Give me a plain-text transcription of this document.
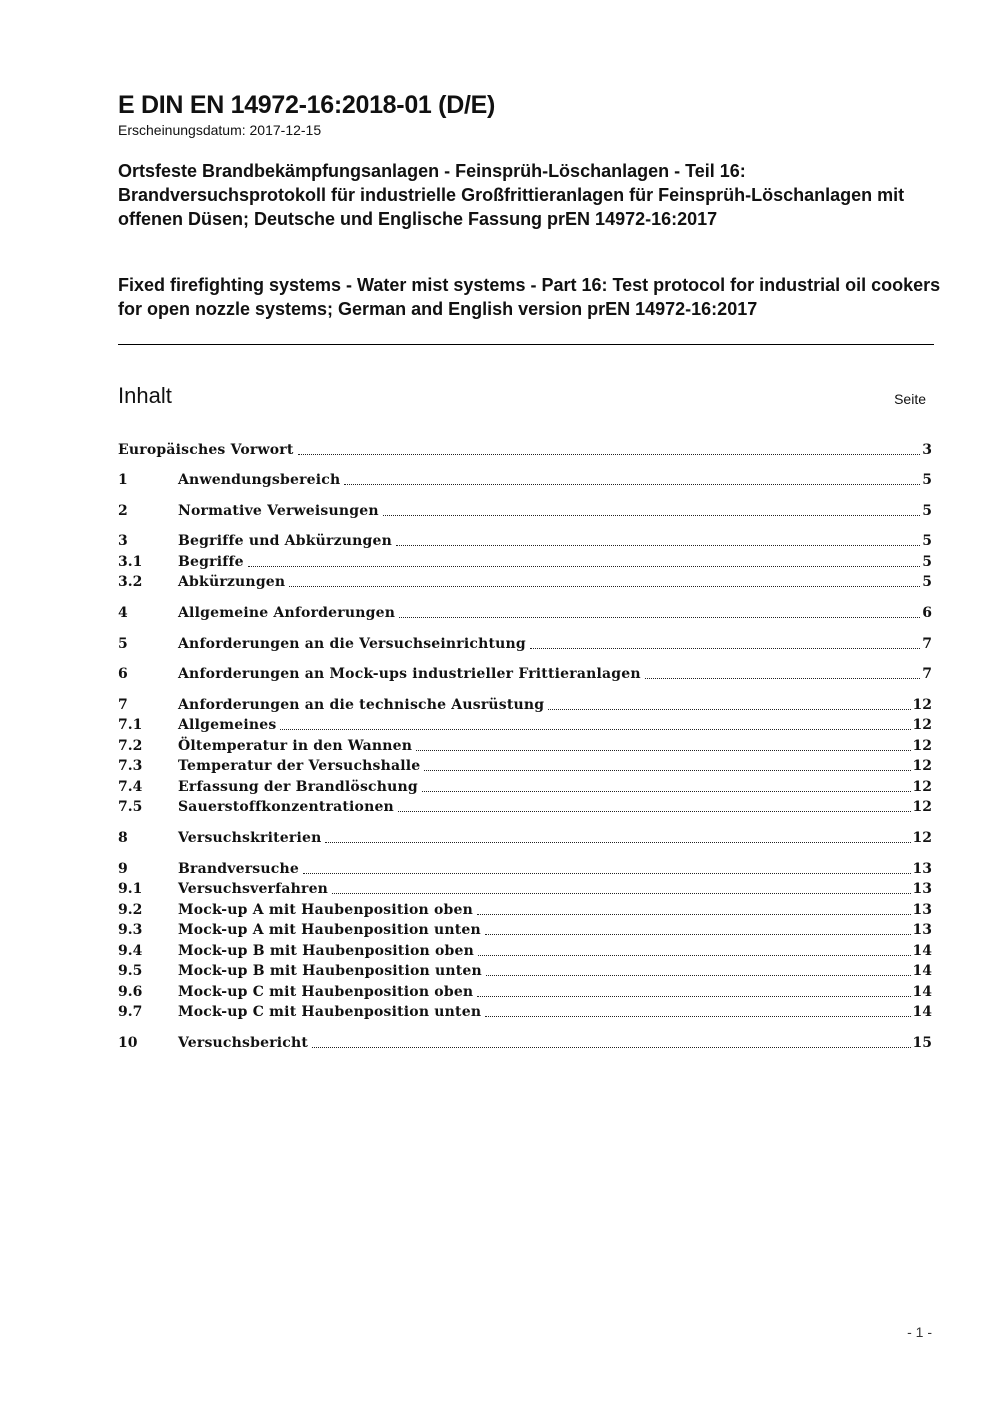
E DIN EN 14972-16:2018-01 (D/E)
Erscheinungsdatum: 2017-12-15

Ortsfeste Brandbekämpfungsanlagen - Feinsprüh-Löschanlagen - Teil 16: Brandversuchsprotokoll für industrielle Großfrittieranlagen für Feinsprüh-Löschanlagen mit offenen Düsen; Deutsche und Englische Fassung prEN 14972-16:2017

Fixed firefighting systems - Water mist systems - Part 16: Test protocol for industrial oil cookers for open nozzle systems; German and English version prEN 14972-16:2017

Inhalt	Seite
Europäisches Vorwort	3
1	Anwendungsbereich	5
2	Normative Verweisungen	5
3	Begriffe und Abkürzungen	5
3.1	Begriffe	5
3.2	Abkürzungen	5
4	Allgemeine Anforderungen	6
5	Anforderungen an die Versuchseinrichtung	7
6	Anforderungen an Mock-ups industrieller Frittieranlagen	7
7	Anforderungen an die technische Ausrüstung	12
7.1	Allgemeines	12
7.2	Öltemperatur in den Wannen	12
7.3	Temperatur der Versuchshalle	12
7.4	Erfassung der Brandlöschung	12
7.5	Sauerstoffkonzentrationen	12
8	Versuchskriterien	12
9	Brandversuche	13
9.1	Versuchsverfahren	13
9.2	Mock-up A mit Haubenposition oben	13
9.3	Mock-up A mit Haubenposition unten	13
9.4	Mock-up B mit Haubenposition oben	14
9.5	Mock-up B mit Haubenposition unten	14
9.6	Mock-up C mit Haubenposition oben	14
9.7	Mock-up C mit Haubenposition unten	14
10	Versuchsbericht	15
- 1 -
